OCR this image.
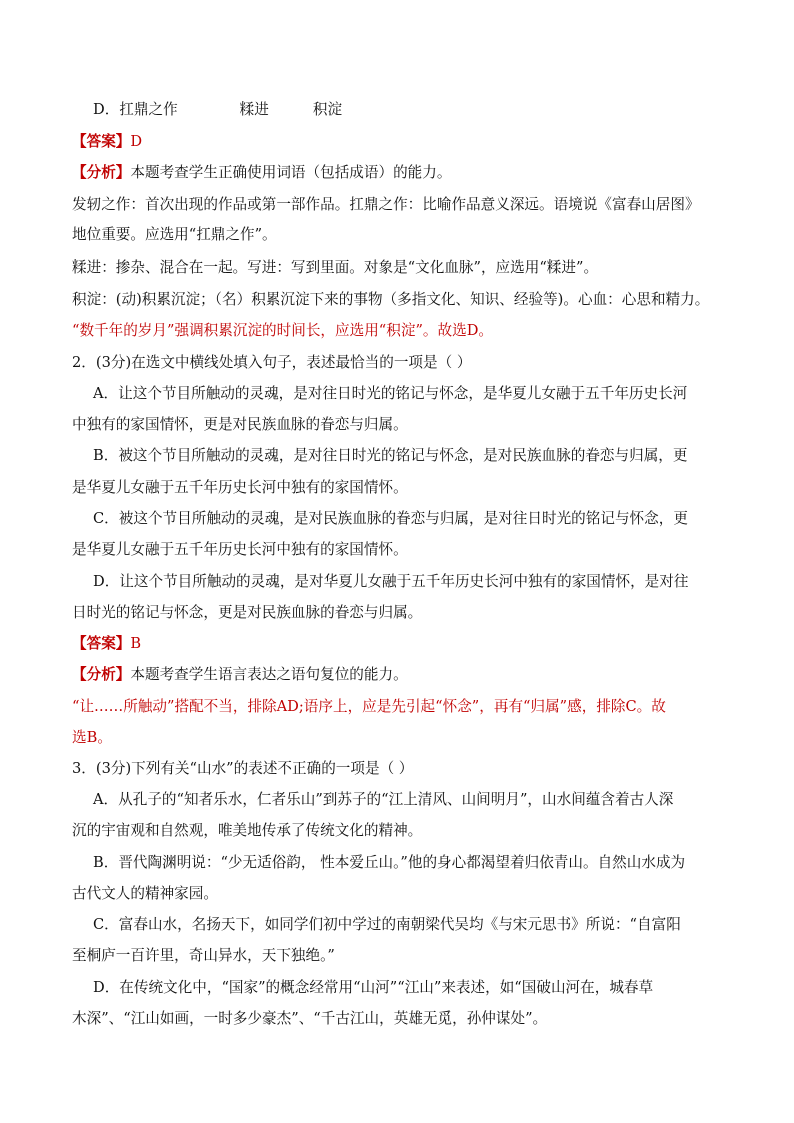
D．扛鼎之作	糅进	积淀
【答案】D
【分析】本题考查学生正确使用词语（包括成语）的能力。
发轫之作：首次出现的作品或第一部作品。扛鼎之作：比喻作品意义深远。语境说《富春山居图》
地位重要。应选用“扛鼎之作”。
糅进：掺杂、混合在一起。写进：写到里面。对象是“文化血脉”，应选用“糅进”。
积淀：(动)积累沉淀；（名）积累沉淀下来的事物（多指文化、知识、经验等)。心血：心思和精力。
“数千年的岁月”强调积累沉淀的时间长，应选用“积淀”。故选D。
2．(3分)在选文中横线处填入句子，表述最恰当的一项是（ ）
A．让这个节目所触动的灵魂，是对往日时光的铭记与怀念，是华夏儿女融于五千年历史长河
中独有的家国情怀，更是对民族血脉的眷恋与归属。
B．被这个节目所触动的灵魂，是对往日时光的铭记与怀念，是对民族血脉的眷恋与归属，更
是华夏儿女融于五千年历史长河中独有的家国情怀。
C．被这个节目所触动的灵魂，是对民族血脉的眷恋与归属，是对往日时光的铭记与怀念，更
是华夏儿女融于五千年历史长河中独有的家国情怀。
D．让这个节目所触动的灵魂，是对华夏儿女融于五千年历史长河中独有的家国情怀，是对往
日时光的铭记与怀念，更是对民族血脉的眷恋与归属。
【答案】B
【分析】本题考查学生语言表达之语句复位的能力。
“让……所触动”搭配不当，排除AD;语序上，应是先引起“怀念”，再有“归属”感，排除C。故
选B。
3．(3分)下列有关“山水”的表述不正确的一项是（ ）
A．从孔子的“知者乐水，仁者乐山”到苏子的“江上清风、山间明月”，山水间蕴含着古人深
沉的宇宙观和自然观，唯美地传承了传统文化的精神。
B．晋代陶渊明说：“少无适俗韵， 性本爱丘山。”他的身心都渴望着归依青山。自然山水成为
古代文人的精神家园。
C．富春山水，名扬天下，如同学们初中学过的南朝梁代吴均《与宋元思书》所说：“自富阳
至桐庐一百许里，奇山异水，天下独绝。”
D．在传统文化中，“国家”的概念经常用“山河”“江山”来表述，如“国破山河在，城春草
木深”、“江山如画，一时多少豪杰”、“千古江山，英雄无觅，孙仲谋处”。
